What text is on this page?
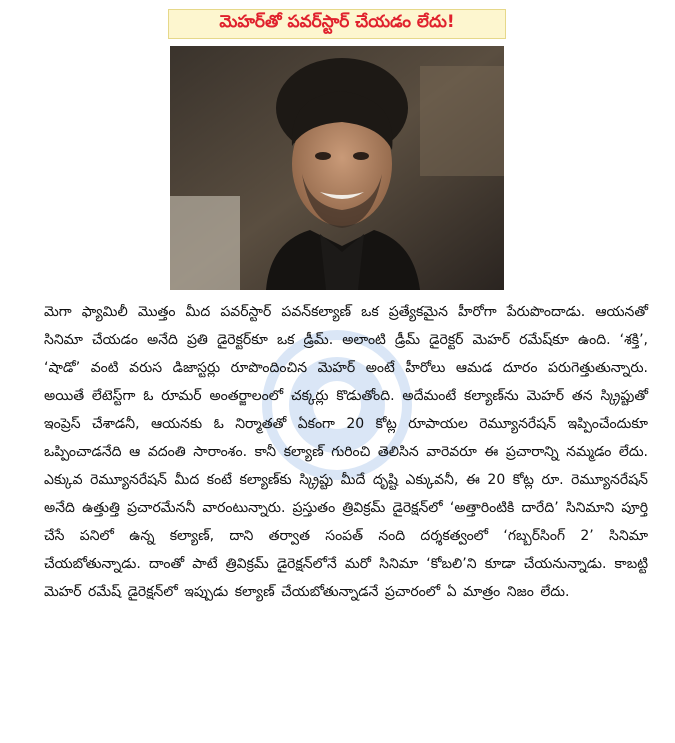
మెహర్‌తో పవర్‌స్టార్‌ చేయడం లేదు!

మెగా ఫ్యామిలీ మొత్తం మీద పవర్‌స్టార్‌ పవన్‌కల్యాణ్‌ ఒక ప్రత్యేకమైన హీరోగా పేరుపొందాడు. ఆయనతో సినిమా చేయడం అనేది ప్రతి డైరెక్టర్‌కూ ఒక డ్రీమ్‌. అలాంటి డ్రీమ్‌ డైరెక్టర్‌ మెహర్‌ రమేష్‌కూ ఉంది. ‘శక్తి’, ‘షాడో’ వంటి వరుస డిజాస్టర్లు రూపొందించిన మెహర్‌ అంటే హీరోలు ఆమడ దూరం పరుగెత్తుతున్నారు. అయితే లేటెస్ట్‌గా ఓ రూమర్‌ అంతర్జాలంలో చక్కర్లు కొడుతోంది. అదేమంటే కల్యాణ్‌ను మెహర్‌ తన స్క్రిప్టుతో ఇంప్రెస్‌ చేశాడనీ, ఆయనకు ఓ నిర్మాతతో ఏకంగా 20 కోట్ల రూపాయల రెమ్యూనరేషన్‌ ఇప్పించేందుకూ ఒప్పించాడనేది ఆ వదంతి సారాంశం. కానీ కల్యాణ్‌ గురించి తెలిసిన వారెవరూ ఈ ప్రచారాన్ని నమ్మడం లేదు. ఎక్కువ రెమ్యూనరేషన్‌ మీద కంటే కల్యాణ్‌కు స్క్రిప్టు మీదే దృష్టి ఎక్కువనీ, ఈ 20 కోట్ల రూ. రెమ్యూనరేషన్‌ అనేది ఉత్తుత్తి ప్రచారమేననీ వారంటున్నారు. ప్రస్తుతం త్రివిక్రమ్‌ డైరెక్షన్‌లో ‘అత్తారింటికి దారేది’ సినిమాని పూర్తి చేసే పనిలో ఉన్న కల్యాణ్‌, దాని తర్వాత సంపత్‌ నంది దర్శకత్వంలో ‘గబ్బర్‌సింగ్‌ 2’ సినిమా చేయబోతున్నాడు. దాంతో పాటే త్రివిక్రమ్‌ డైరెక్షన్‌లోనే మరో సినిమా ‘కోబలి’ని కూడా చేయనున్నాడు. కాబట్టి మెహర్‌ రమేష్‌ డైరెక్షన్‌లో ఇప్పుడు కల్యాణ్‌ చేయబోతున్నాడనే ప్రచారంలో ఏ మాత్రం నిజం లేదు.
